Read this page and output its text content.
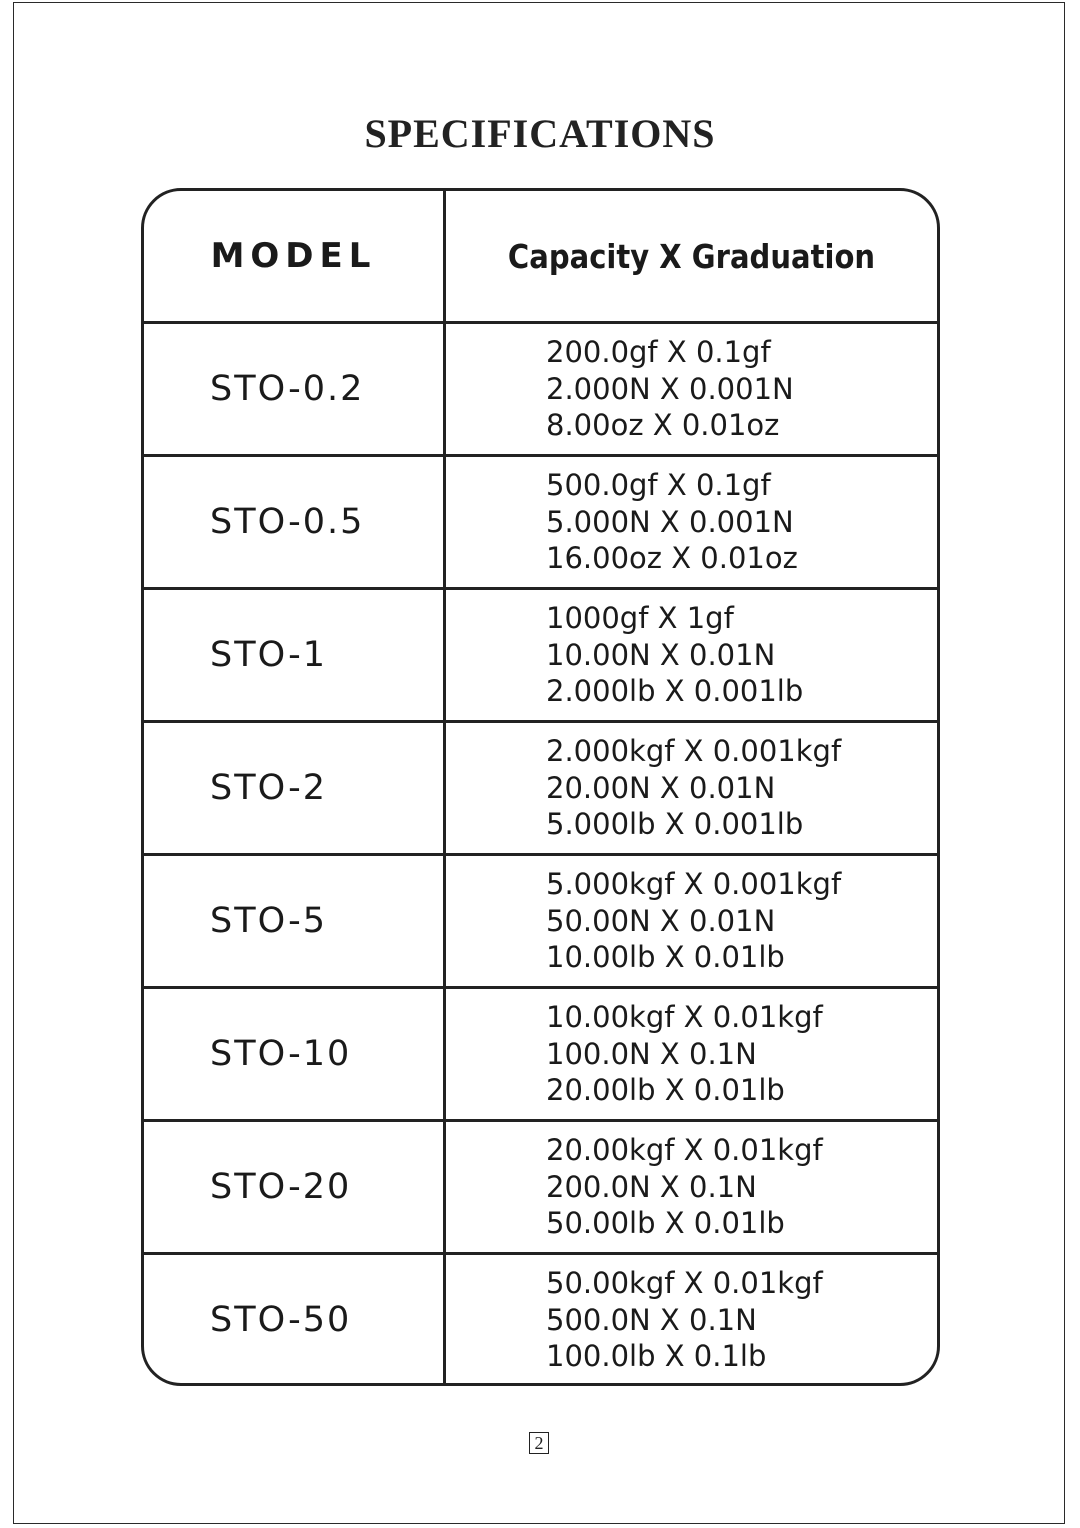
SPECIFICATIONS
MODEL	Capacity X Graduation
STO-0.2
200.0gf X 0.1gf
2.000N X 0.001N
8.00oz X 0.01oz
STO-0.5
500.0gf X 0.1gf
5.000N X 0.001N
16.00oz X 0.01oz
STO-1
1000gf X 1gf
10.00N X 0.01N
2.000lb X 0.001lb
STO-2
2.000kgf X 0.001kgf
20.00N X 0.01N
5.000lb X 0.001lb
STO-5
5.000kgf X 0.001kgf
50.00N X 0.01N
10.00lb X 0.01lb
STO-10
10.00kgf X 0.01kgf
100.0N X 0.1N
20.00lb X 0.01lb
STO-20
20.00kgf X 0.01kgf
200.0N X 0.1N
50.00lb X 0.01lb
STO-50
50.00kgf X 0.01kgf
500.0N X 0.1N
100.0lb X 0.1lb
2
